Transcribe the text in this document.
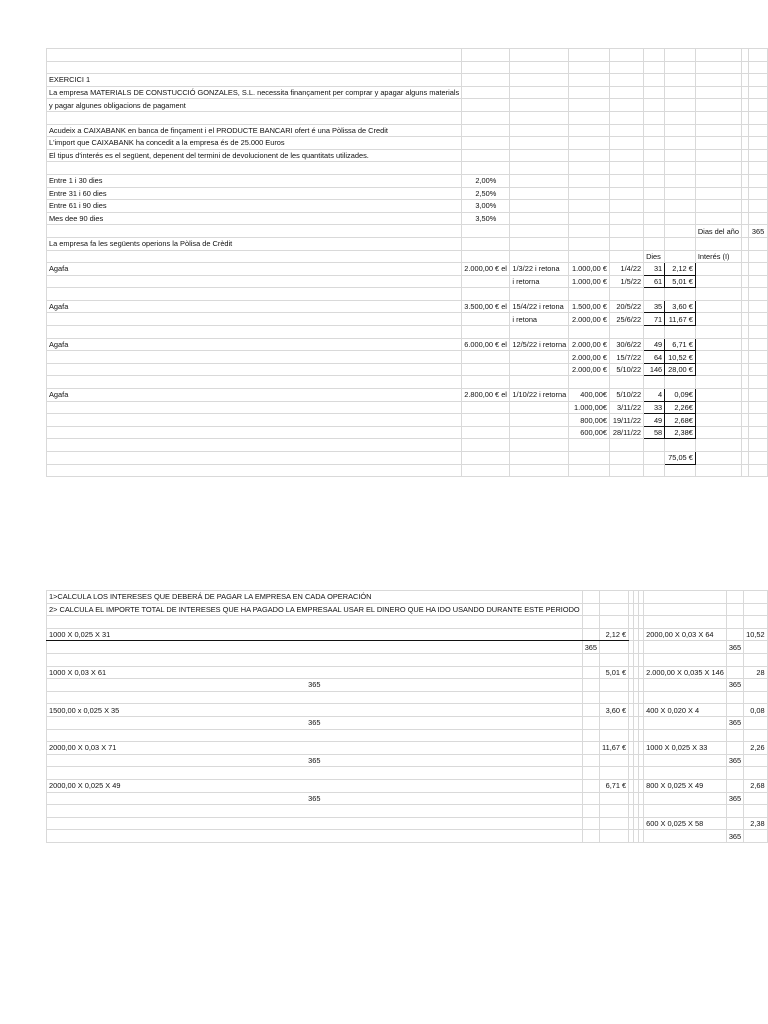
EXERCICI 1									
La empresa MATERIALS DE CONSTUCCIÓ GONZALES, S.L. necessita finançament per comprar y apagar alguns materials									
y pagar algunes obligacions de pagament									

Acudeix a CAIXABANK en banca de finçament i el PRODUCTE BANCARI ofert é una Pòlissa de Credit									
L'import que CAIXABANK ha concedit a la empresa és de 25.000 Euros									
El tipus d'interés es el següent, depenent del termini de devolucionent de les quantitats utilizades.									

Entre 1 i 30 dies	2,00%								
Entre 31 i 60 dies	2,50%								
Entre 61 i 90 dies	3,00%								
Mes dee 90 dies	3,50%								
							Dias del año		365
La empresa fa les següents operions la Pòlisa de Crèdit									
					Dies		Interés (I)		
Agafa	2.000,00 € el	1/3/22 i retona	1.000,00 €	1/4/22	31	2,12 €			
		i retorna	1.000,00 €	1/5/22	61	5,01 €			

Agafa	3.500,00 € el	15/4/22 i retona	1.500,00 €	20/5/22	35	3,60 €			
		i retona	2.000,00 €	25/6/22	71	11,67 €			

Agafa	6.000,00 € el	12/5/22 i retorna	2.000,00 €	30/6/22	49	6,71 €			
			2.000,00 €	15/7/22	64	10,52 €			
			2.000,00 €	5/10/22	146	28,00 €			

Agafa	2.800,00 € el	1/10/22 i retorna	400,00€	5/10/22	4	0,09€			
			1.000,00€	3/11/22	33	2,26€			
			800,00€	19/11/22	49	2,68€			
			600,00€	28/11/22	58	2,38€			

						75,05 €			

1>CALCULA LOS INTERESES QUE DEBERÁ DE PAGAR LA EMPRESA EN CADA OPERACIÓN									
2> CALCULA EL IMPORTE TOTAL DE INTERESES QUE HA PAGADO LA EMPRESAAL USAR EL DINERO QUE HA IDO USANDO DURANTE ESTE PERIODO									

1000 X 0,025 X 31		2,12 €				2000,00 X 0,03 X 64		10,52	
	365						365		

1000 X 0,03 X 61		5,01 €				2.000,00 X 0,035 X 146		28	
365							365		

1500,00 x 0,025 X 35		3,60 €				400 X 0,020 X 4		0,08	
365							365		

2000,00 X 0,03 X 71		11,67 €				1000 X 0,025 X 33		2,26	
365							365		

2000,00 X 0,025 X 49		6,71 €				800 X 0,025 X 49		2,68	
365							365		

						600 X 0,025 X 58		2,38	
							365		
